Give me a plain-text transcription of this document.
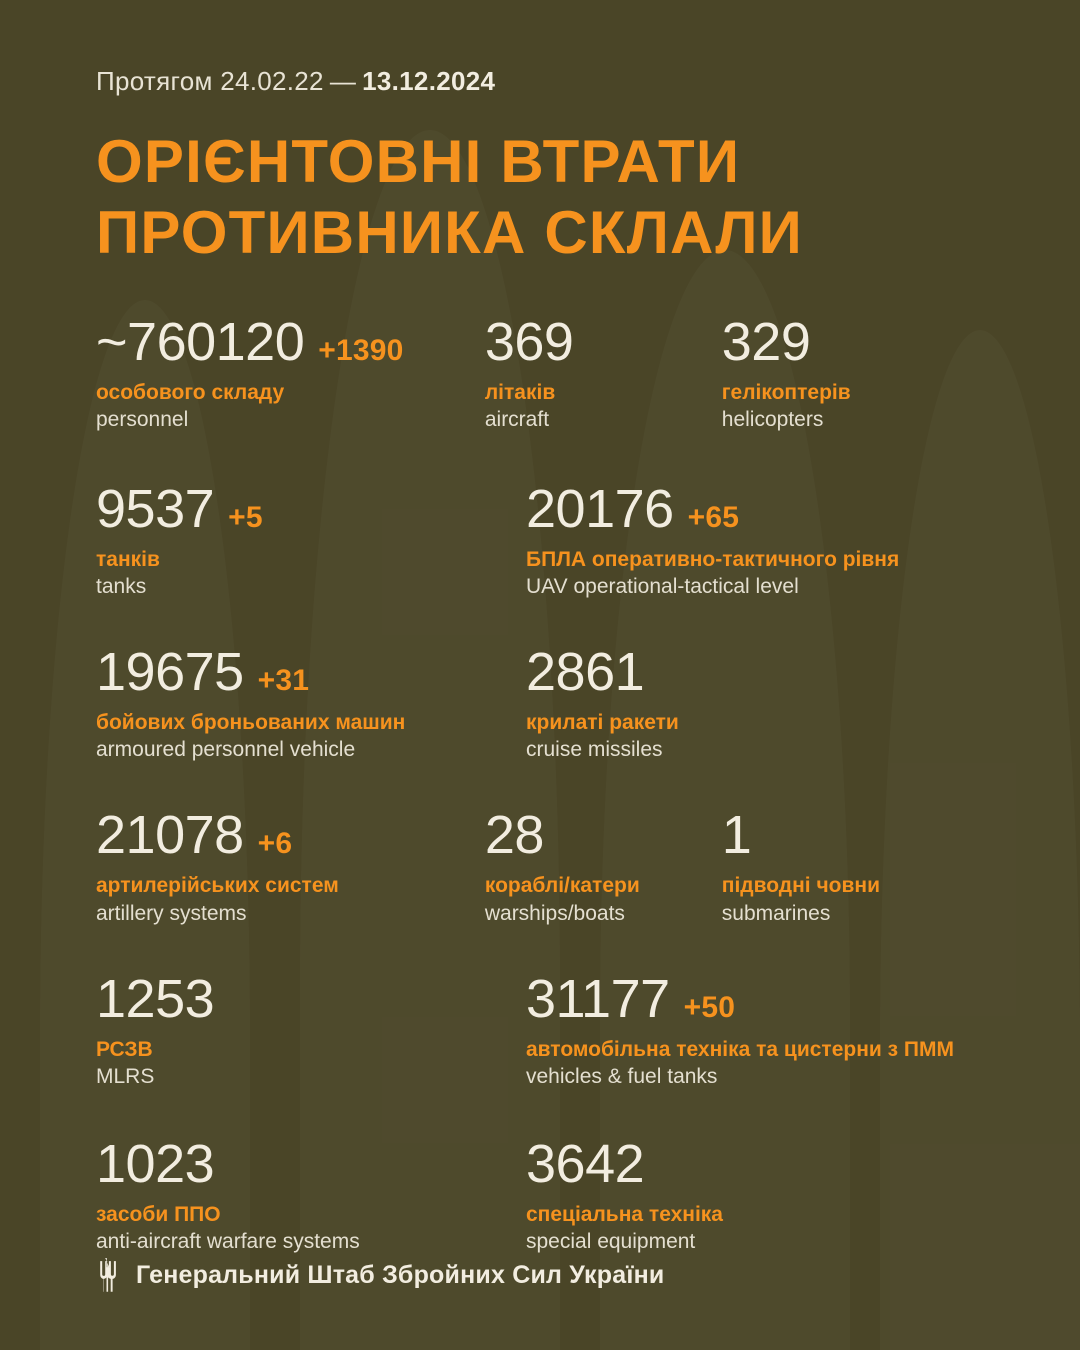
Протягом 24.02.22 — 13.12.2024
ОРІЄНТОВНІ ВТРАТИ
ПРОТИВНИКА СКЛАЛИ
~760120 +1390
особового складу
personnel
369
літаків
aircraft
329
гелікоптерів
helicopters
9537 +5
танків
tanks
20176 +65
БПЛА оперативно-тактичного рівня
UAV operational-tactical level
19675 +31
бойових броньованих машин
armoured personnel vehicle
2861
крилаті ракети
cruise missiles
21078 +6
артилерійських систем
artillery systems
28
кораблі/катери
warships/boats
1
підводні човни
submarines
1253
РСЗВ
MLRS
31177 +50
автомобільна техніка та цистерни з ПММ
vehicles & fuel tanks
1023
засоби ППО
anti-aircraft warfare systems
3642
спеціальна техніка
special equipment
Генеральний Штаб Збройних Сил України
